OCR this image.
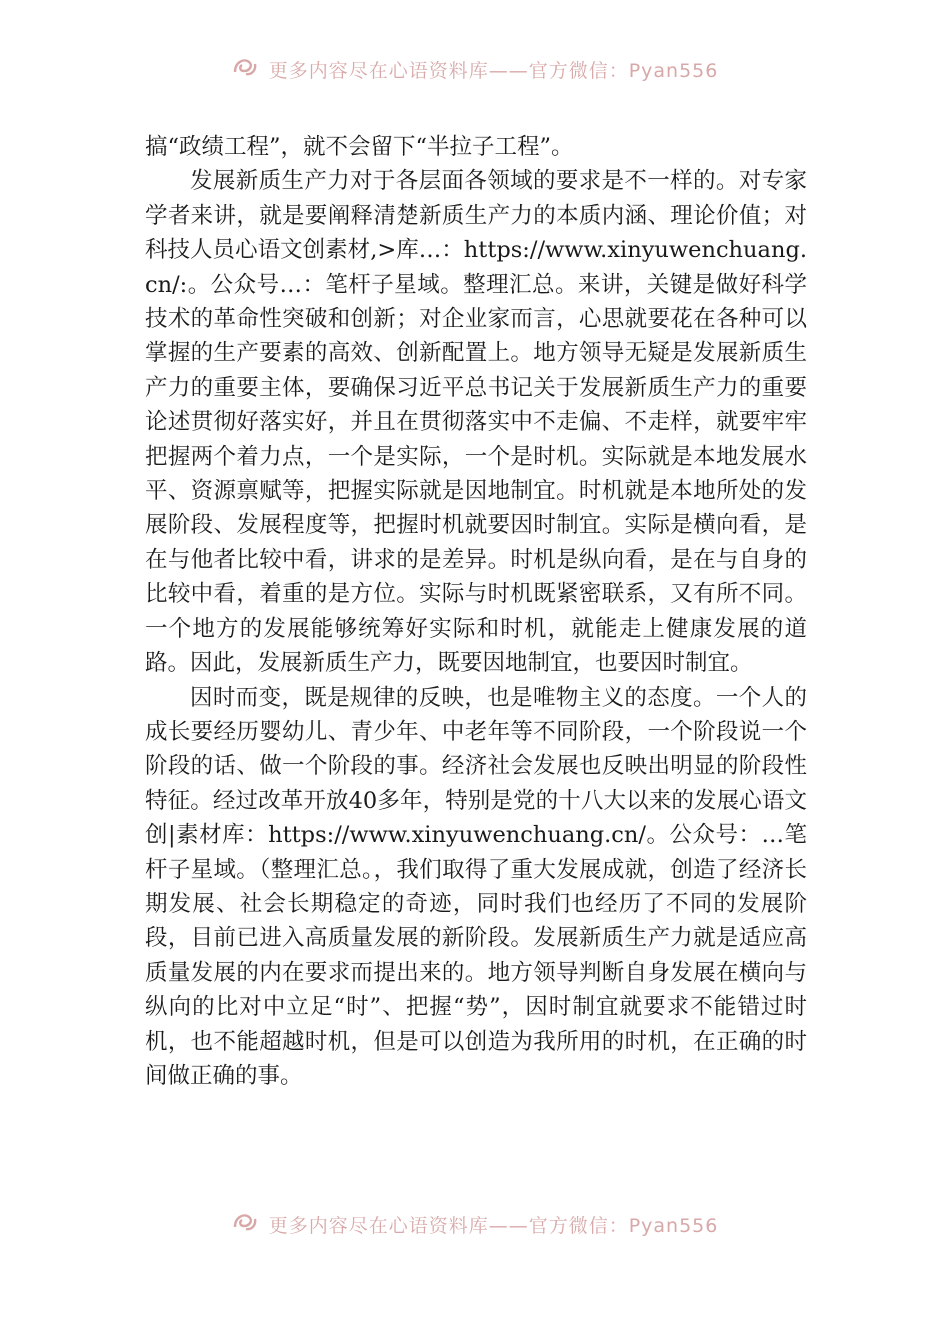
更多内容尽在心语资料库——官方微信：Pyan556

搞“政绩工程”，就不会留下“半拉子工程”。

发展新质生产力对于各层面各领域的要求是不一样的。对专家学者来讲，就是要阐释清楚新质生产力的本质内涵、理论价值；对科技人员心语文创素材,>库…：https://www.xinyuwenchuang.cn/:。公众号…：笔杆子星域。整理汇总。来讲，关键是做好科学技术的革命性突破和创新；对企业家而言，心思就要花在各种可以掌握的生产要素的高效、创新配置上。地方领导无疑是发展新质生产力的重要主体，要确保习近平总书记关于发展新质生产力的重要论述贯彻好落实好，并且在贯彻落实中不走偏、不走样，就要牢牢把握两个着力点，一个是实际，一个是时机。实际就是本地发展水平、资源禀赋等，把握实际就是因地制宜。时机就是本地所处的发展阶段、发展程度等，把握时机就要因时制宜。实际是横向看，是在与他者比较中看，讲求的是差异。时机是纵向看，是在与自身的比较中看，着重的是方位。实际与时机既紧密联系，又有所不同。一个地方的发展能够统筹好实际和时机，就能走上健康发展的道路。因此，发展新质生产力，既要因地制宜，也要因时制宜。

因时而变，既是规律的反映，也是唯物主义的态度。一个人的成长要经历婴幼儿、青少年、中老年等不同阶段，一个阶段说一个阶段的话、做一个阶段的事。经济社会发展也反映出明显的阶段性特征。经过改革开放40多年，特别是党的十八大以来的发展心语文创|素材库：https://www.xinyuwenchuang.cn/。公众号：…笔杆子星域。（整理汇总。，我们取得了重大发展成就，创造了经济长期发展、社会长期稳定的奇迹，同时我们也经历了不同的发展阶段，目前已进入高质量发展的新阶段。发展新质生产力就是适应高质量发展的内在要求而提出来的。地方领导判断自身发展在横向与纵向的比对中立足“时”、把握“势”，因时制宜就要求不能错过时机，也不能超越时机，但是可以创造为我所用的时机，在正确的时间做正确的事。

更多内容尽在心语资料库——官方微信：Pyan556
